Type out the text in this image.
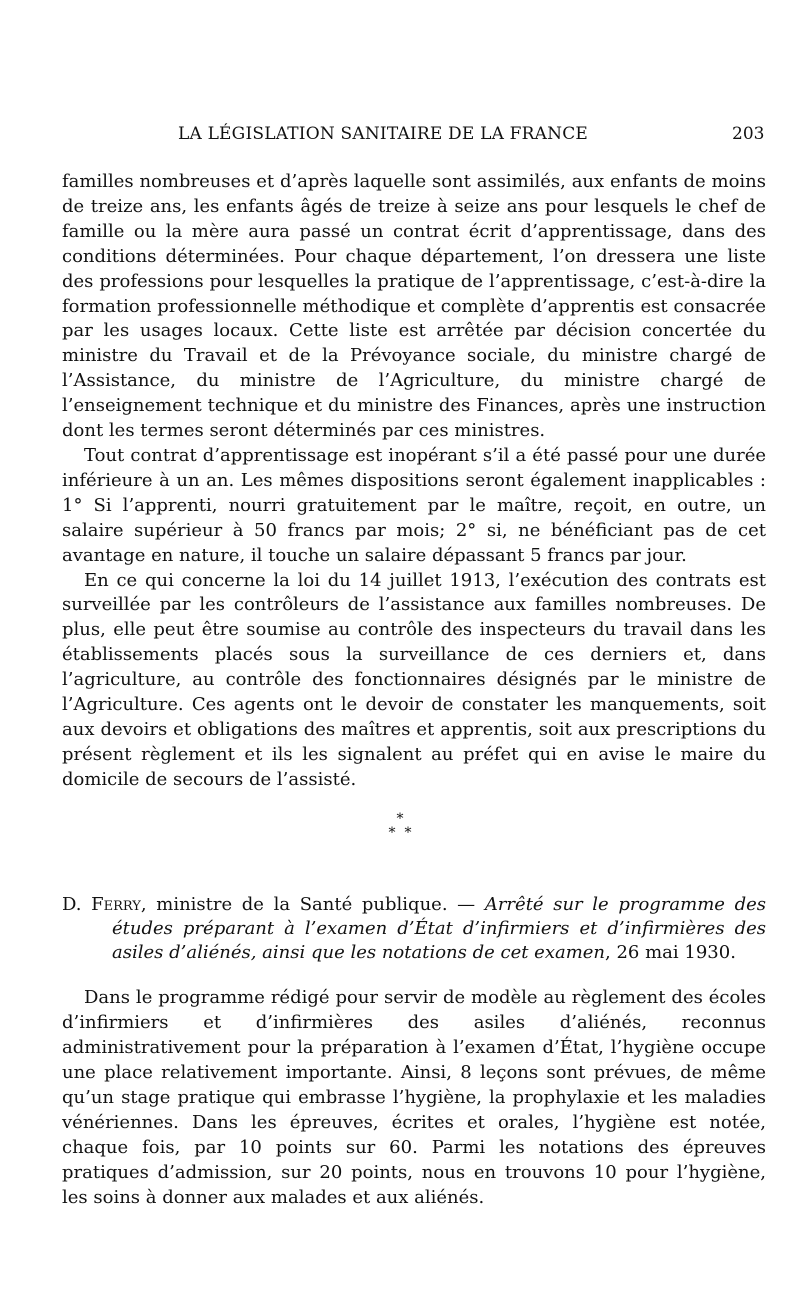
LA LÉGISLATION SANITAIRE DE LA FRANCE	203

familles nombreuses et d’après laquelle sont assimilés, aux enfants de moins de treize ans, les enfants âgés de treize à seize ans pour lesquels le chef de famille ou la mère aura passé un contrat écrit d’apprentissage, dans des conditions déterminées. Pour chaque département, l’on dressera une liste des professions pour lesquelles la pratique de l’apprentissage, c’est-à-dire la formation professionnelle méthodique et complète d’apprentis est consacrée par les usages locaux. Cette liste est arrêtée par décision concertée du ministre du Travail et de la Prévoyance sociale, du ministre chargé de l’Assistance, du ministre de l’Agriculture, du ministre chargé de l’enseignement technique et du ministre des Finances, après une instruction dont les termes seront déterminés par ces ministres.

Tout contrat d’apprentissage est inopérant s’il a été passé pour une durée inférieure à un an. Les mêmes dispositions seront également inapplicables : 1° Si l’apprenti, nourri gratuitement par le maître, reçoit, en outre, un salaire supérieur à 50 francs par mois; 2° si, ne bénéficiant pas de cet avantage en nature, il touche un salaire dépassant 5 francs par jour.

En ce qui concerne la loi du 14 juillet 1913, l’exécution des contrats est surveillée par les contrôleurs de l’assistance aux familles nombreuses. De plus, elle peut être soumise au contrôle des inspecteurs du travail dans les établissements placés sous la surveillance de ces derniers et, dans l’agriculture, au contrôle des fonctionnaires désignés par le ministre de l’Agriculture. Ces agents ont le devoir de constater les manquements, soit aux devoirs et obligations des maîtres et apprentis, soit aux prescriptions du présent règlement et ils les signalent au préfet qui en avise le maire du domicile de secours de l’assisté.

*
*  *
D. Ferry, ministre de la Santé publique. — Arrêté sur le programme des études préparant à l’examen d’État d’infirmiers et d’infirmières des asiles d’aliénés, ainsi que les notations de cet examen, 26 mai 1930.

Dans le programme rédigé pour servir de modèle au règlement des écoles d’infirmiers et d’infirmières des asiles d’aliénés, reconnus administrativement pour la préparation à l’examen d’État, l’hygiène occupe une place relativement importante. Ainsi, 8 leçons sont prévues, de même qu’un stage pratique qui embrasse l’hygiène, la prophylaxie et les maladies vénériennes. Dans les épreuves, écrites et orales, l’hygiène est notée, chaque fois, par 10 points sur 60. Parmi les notations des épreuves pratiques d’admission, sur 20 points, nous en trouvons 10 pour l’hygiène, les soins à donner aux malades et aux aliénés.
